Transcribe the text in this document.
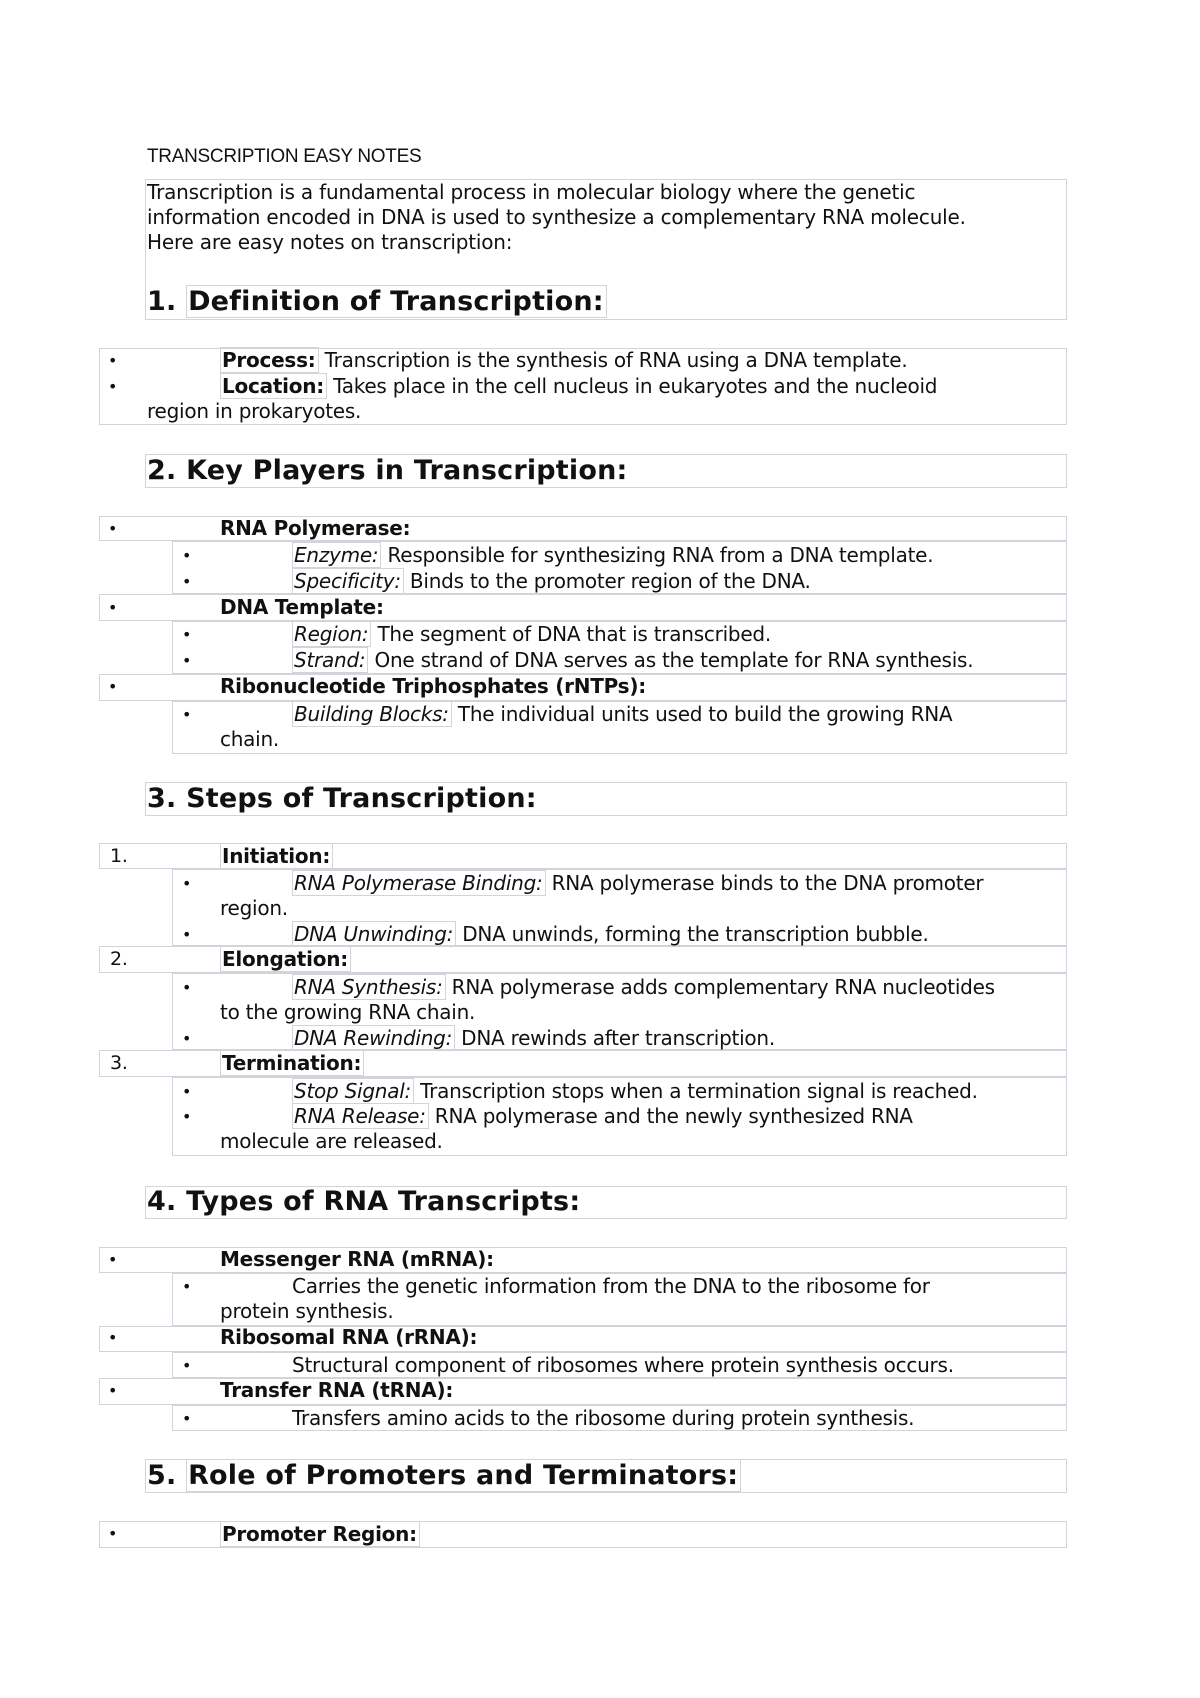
TRANSCRIPTION EASY NOTES
Transcription is a fundamental process in molecular biology where the genetic
information encoded in DNA is used to synthesize a complementary RNA molecule.
Here are easy notes on transcription:
1. Definition of Transcription:
•	Process: Transcription is the synthesis of RNA using a DNA template.
•	Location: Takes place in the cell nucleus in eukaryotes and the nucleoid
region in prokaryotes.
2. Key Players in Transcription:
•	RNA Polymerase:
•	Enzyme: Responsible for synthesizing RNA from a DNA template.
•	Specificity: Binds to the promoter region of the DNA.
•	DNA Template:
•	Region: The segment of DNA that is transcribed.
•	Strand: One strand of DNA serves as the template for RNA synthesis.
•	Ribonucleotide Triphosphates (rNTPs):
•	Building Blocks: The individual units used to build the growing RNA
chain.
3. Steps of Transcription:
1.	Initiation:
•	RNA Polymerase Binding: RNA polymerase binds to the DNA promoter
region.
•	DNA Unwinding: DNA unwinds, forming the transcription bubble.
2.	Elongation:
•	RNA Synthesis: RNA polymerase adds complementary RNA nucleotides
to the growing RNA chain.
•	DNA Rewinding: DNA rewinds after transcription.
3.	Termination:
•	Stop Signal: Transcription stops when a termination signal is reached.
•	RNA Release: RNA polymerase and the newly synthesized RNA
molecule are released.
4. Types of RNA Transcripts:
•	Messenger RNA (mRNA):
•	Carries the genetic information from the DNA to the ribosome for
protein synthesis.
•	Ribosomal RNA (rRNA):
•	Structural component of ribosomes where protein synthesis occurs.
•	Transfer RNA (tRNA):
•	Transfers amino acids to the ribosome during protein synthesis.
5. Role of Promoters and Terminators:
•	Promoter Region:
